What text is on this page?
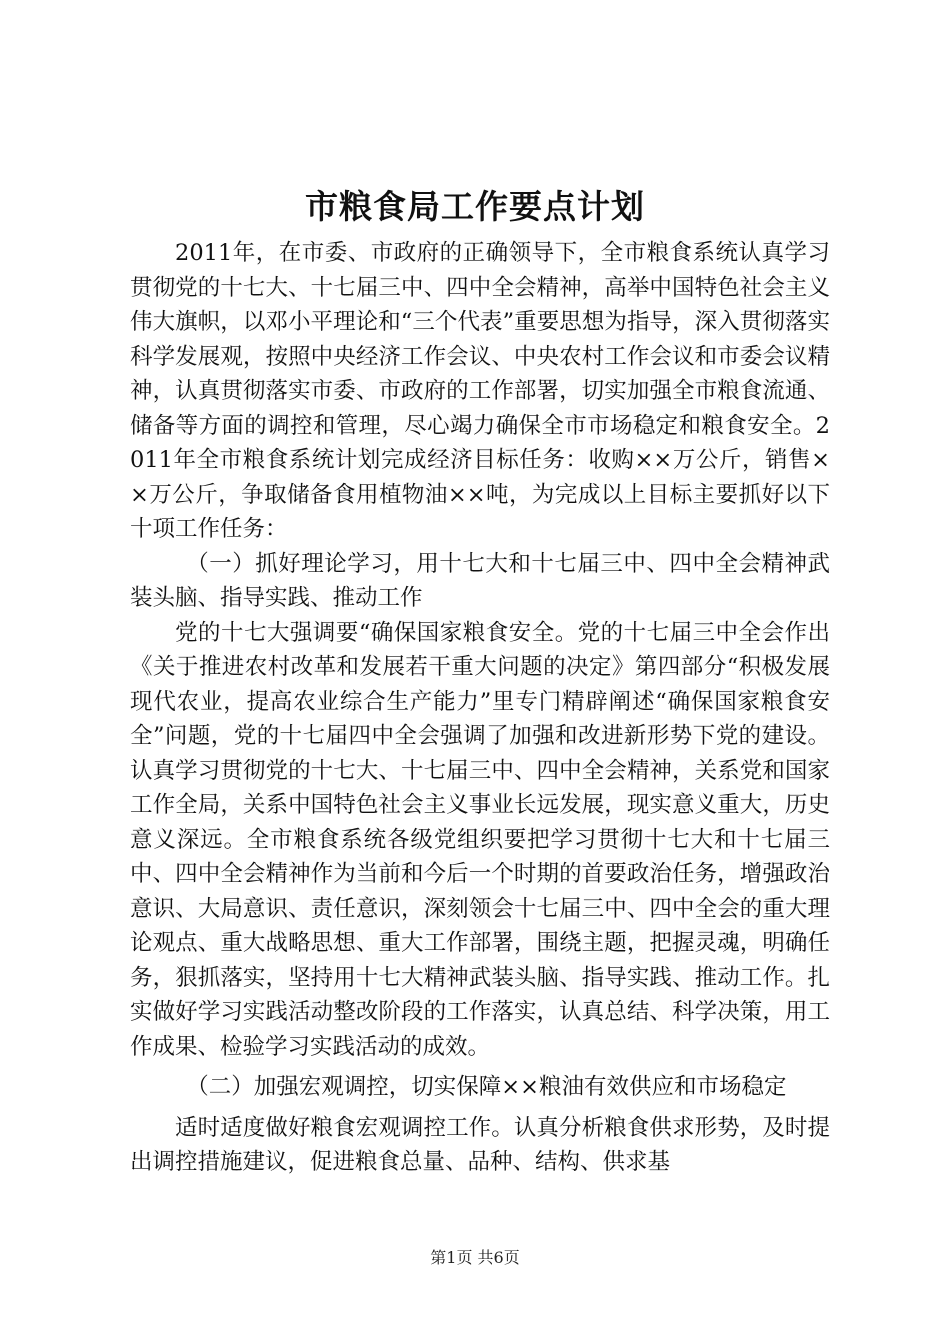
市粮食局工作要点计划

2011年，在市委、市政府的正确领导下，全市粮食系统认真学习贯彻党的十七大、十七届三中、四中全会精神，高举中国特色社会主义伟大旗帜，以邓小平理论和“三个代表”重要思想为指导，深入贯彻落实科学发展观，按照中央经济工作会议、中央农村工作会议和市委会议精神，认真贯彻落实市委、市政府的工作部署，切实加强全市粮食流通、储备等方面的调控和管理，尽心竭力确保全市市场稳定和粮食安全。2011年全市粮食系统计划完成经济目标任务：收购××万公斤，销售××万公斤，争取储备食用植物油××吨，为完成以上目标主要抓好以下十项工作任务：

（一）抓好理论学习，用十七大和十七届三中、四中全会精神武装头脑、指导实践、推动工作

党的十七大强调要“确保国家粮食安全。党的十七届三中全会作出《关于推进农村改革和发展若干重大问题的决定》第四部分“积极发展现代农业，提高农业综合生产能力”里专门精辟阐述“确保国家粮食安全”问题，党的十七届四中全会强调了加强和改进新形势下党的建设。认真学习贯彻党的十七大、十七届三中、四中全会精神，关系党和国家工作全局，关系中国特色社会主义事业长远发展，现实意义重大，历史意义深远。全市粮食系统各级党组织要把学习贯彻十七大和十七届三中、四中全会精神作为当前和今后一个时期的首要政治任务，增强政治意识、大局意识、责任意识，深刻领会十七届三中、四中全会的重大理论观点、重大战略思想、重大工作部署，围绕主题，把握灵魂，明确任务，狠抓落实，坚持用十七大精神武装头脑、指导实践、推动工作。扎实做好学习实践活动整改阶段的工作落实，认真总结、科学决策，用工作成果、检验学习实践活动的成效。

（二）加强宏观调控，切实保障××粮油有效供应和市场稳定

适时适度做好粮食宏观调控工作。认真分析粮食供求形势，及时提出调控措施建议，促进粮食总量、品种、结构、供求基

第1页 共6页
